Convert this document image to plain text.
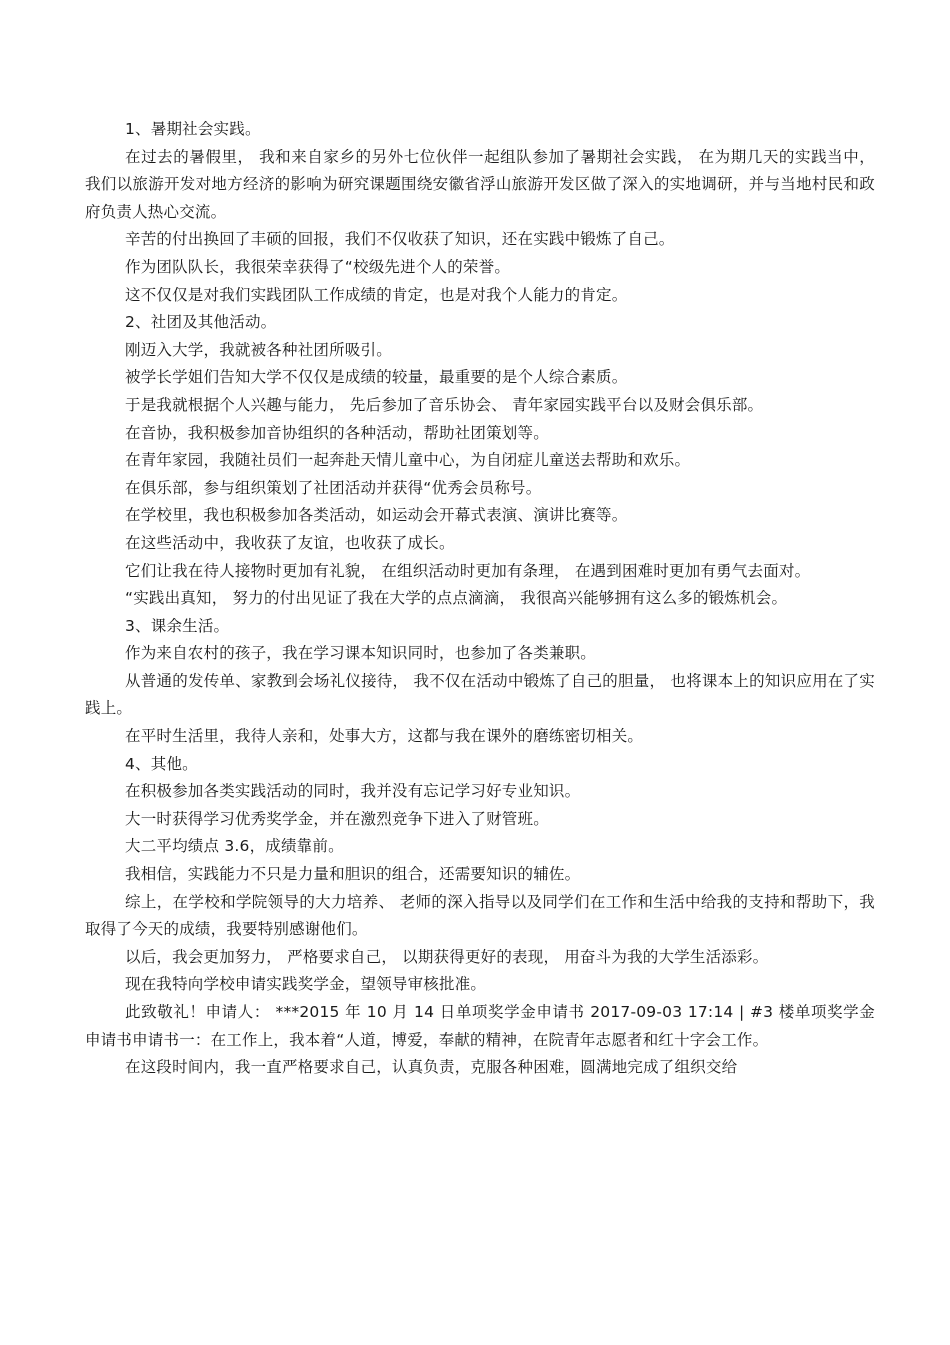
1、暑期社会实践。

在过去的暑假里， 我和来自家乡的另外七位伙伴一起组队参加了暑期社会实践， 在为期几天的实践当中， 我们以旅游开发对地方经济的影响为研究课题围绕安徽省浮山旅游开发区做了深入的实地调研，并与当地村民和政府负责人热心交流。

辛苦的付出换回了丰硕的回报，我们不仅收获了知识，还在实践中锻炼了自己。

作为团队队长，我很荣幸获得了“校级先进个人的荣誉。

这不仅仅是对我们实践团队工作成绩的肯定，也是对我个人能力的肯定。

2、社团及其他活动。

刚迈入大学，我就被各种社团所吸引。

被学长学姐们告知大学不仅仅是成绩的较量，最重要的是个人综合素质。

于是我就根据个人兴趣与能力， 先后参加了音乐协会、 青年家园实践平台以及财会俱乐部。

在音协，我积极参加音协组织的各种活动，帮助社团策划等。

在青年家园，我随社员们一起奔赴天情儿童中心，为自闭症儿童送去帮助和欢乐。

在俱乐部，参与组织策划了社团活动并获得“优秀会员称号。

在学校里，我也积极参加各类活动，如运动会开幕式表演、演讲比赛等。

在这些活动中，我收获了友谊，也收获了成长。

它们让我在待人接物时更加有礼貌， 在组织活动时更加有条理， 在遇到困难时更加有勇气去面对。

“实践出真知， 努力的付出见证了我在大学的点点滴滴， 我很高兴能够拥有这么多的锻炼机会。

3、课余生活。

作为来自农村的孩子，我在学习课本知识同时，也参加了各类兼职。

从普通的发传单、家教到会场礼仪接待， 我不仅在活动中锻炼了自己的胆量， 也将课本上的知识应用在了实践上。

在平时生活里，我待人亲和，处事大方，这都与我在课外的磨练密切相关。

4、其他。

在积极参加各类实践活动的同时，我并没有忘记学习好专业知识。

大一时获得学习优秀奖学金，并在激烈竞争下进入了财管班。

大二平均绩点 3.6，成绩靠前。

我相信，实践能力不只是力量和胆识的组合，还需要知识的辅佐。

综上，在学校和学院领导的大力培养、 老师的深入指导以及同学们在工作和生活中给我的支持和帮助下，我取得了今天的成绩，我要特别感谢他们。

以后，我会更加努力， 严格要求自己， 以期获得更好的表现， 用奋斗为我的大学生活添彩。

现在我特向学校申请实践奖学金，望领导审核批准。

此致敬礼！申请人： ***2015 年 10 月 14 日单项奖学金申请书 2017-09-03 17:14 | #3 楼单项奖学金申请书申请书一：在工作上，我本着“人道，博爱，奉献的精神，在院青年志愿者和红十字会工作。

在这段时间内，我一直严格要求自己，认真负责，克服各种困难，圆满地完成了组织交给
